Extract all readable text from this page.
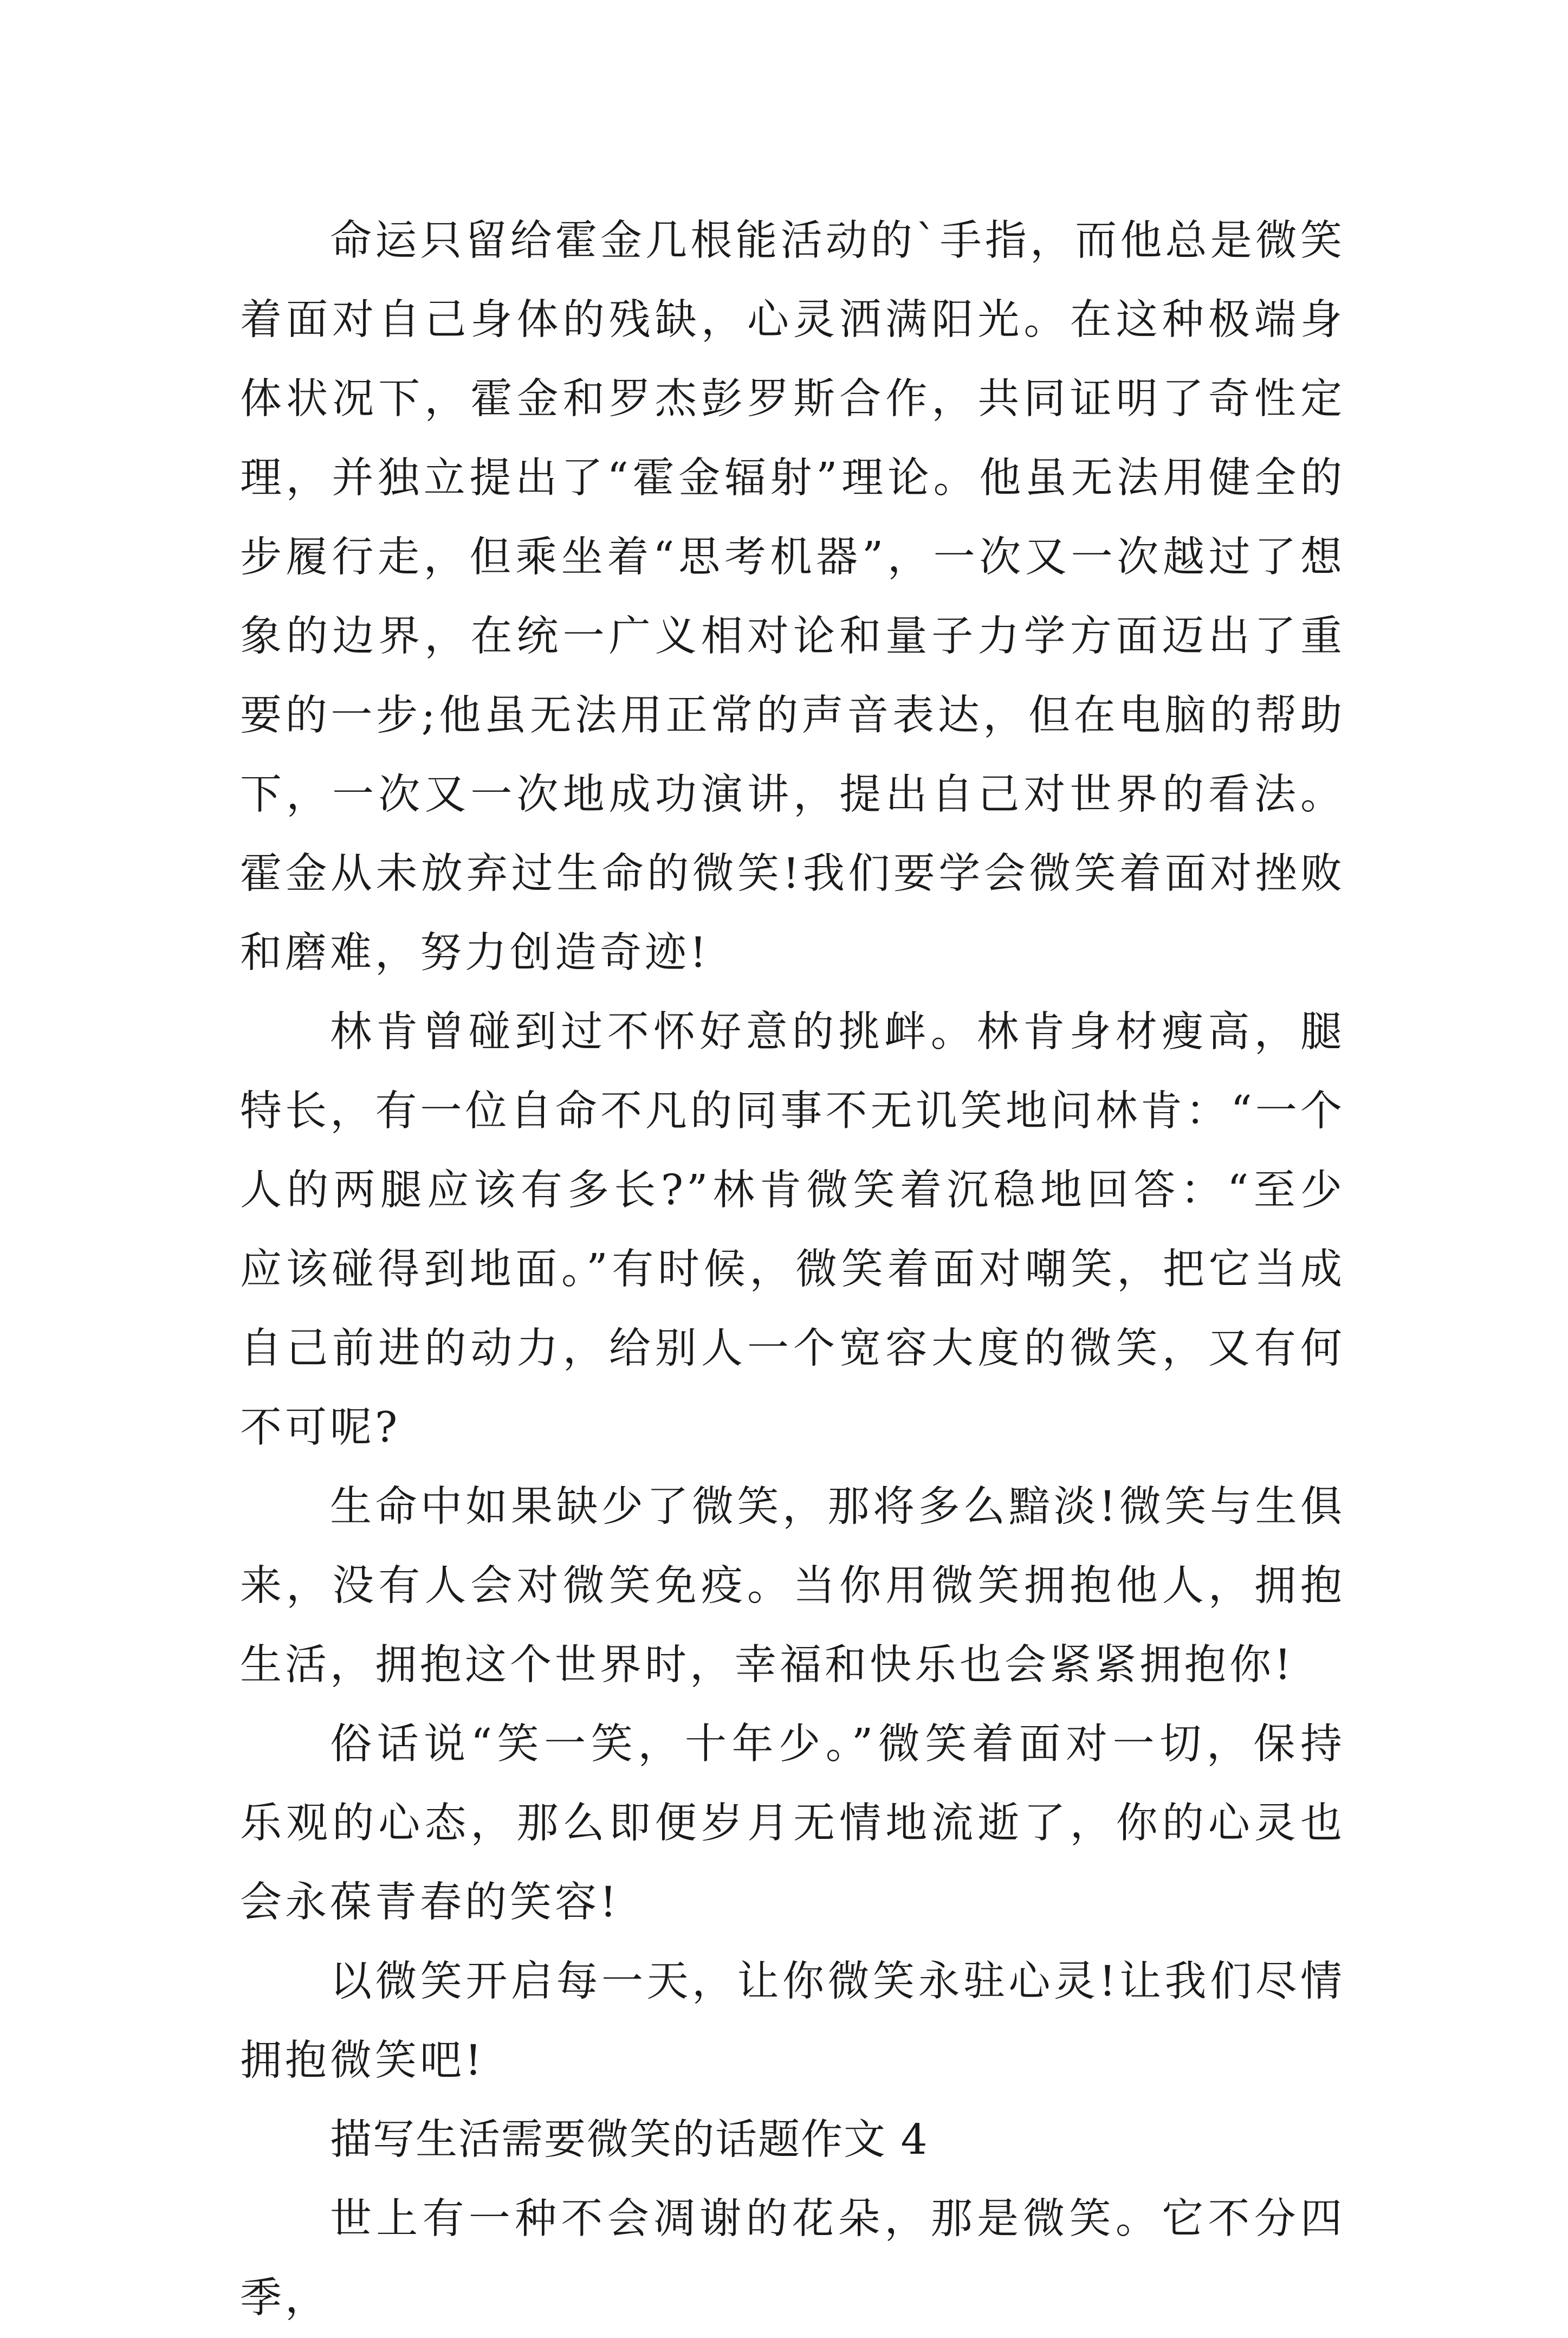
命运只留给霍金几根能活动的`手指，而他总是微笑着面对自己身体的残缺，心灵洒满阳光。在这种极端身体状况下，霍金和罗杰彭罗斯合作，共同证明了奇性定理，并独立提出了“霍金辐射”理论。他虽无法用健全的步履行走，但乘坐着“思考机器”，一次又一次越过了想象的边界，在统一广义相对论和量子力学方面迈出了重要的一步;他虽无法用正常的声音表达，但在电脑的帮助下，一次又一次地成功演讲，提出自己对世界的看法。霍金从未放弃过生命的微笑!我们要学会微笑着面对挫败和磨难，努力创造奇迹!

林肯曾碰到过不怀好意的挑衅。林肯身材瘦高，腿特长，有一位自命不凡的同事不无讥笑地问林肯：“一个人的两腿应该有多长?”林肯微笑着沉稳地回答：“至少应该碰得到地面。”有时候，微笑着面对嘲笑，把它当成自己前进的动力，给别人一个宽容大度的微笑，又有何不可呢?

生命中如果缺少了微笑，那将多么黯淡!微笑与生俱来，没有人会对微笑免疫。当你用微笑拥抱他人，拥抱生活，拥抱这个世界时，幸福和快乐也会紧紧拥抱你!

俗话说“笑一笑，十年少。”微笑着面对一切，保持乐观的心态，那么即便岁月无情地流逝了，你的心灵也会永葆青春的笑容!

以微笑开启每一天，让你微笑永驻心灵!让我们尽情拥抱微笑吧!

描写生活需要微笑的话题作文 4

世上有一种不会凋谢的花朵，那是微笑。它不分四季，
